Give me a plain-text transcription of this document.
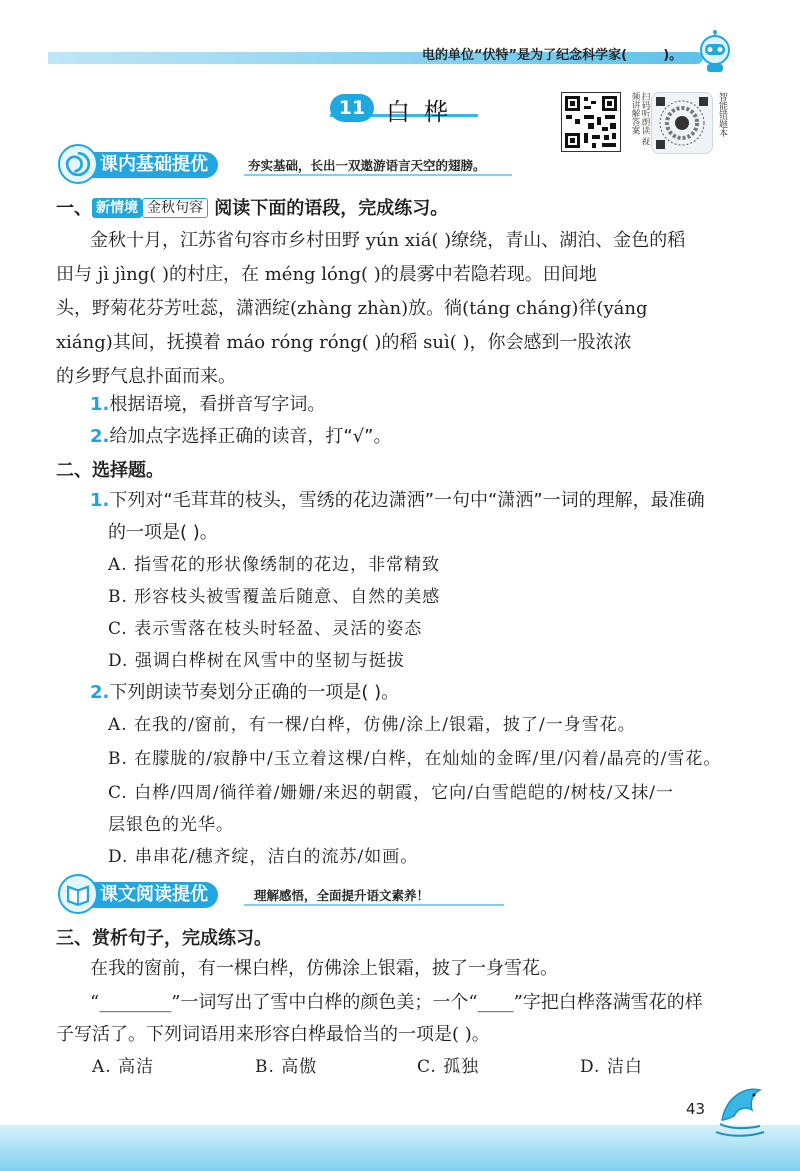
电的单位“伏特”是为了纪念科学家(        )。
11 白桦	扫码听朗读 视频讲解答案	智能错题本
课内基础提优	夯实基础，长出一双遨游语言天空的翅膀。
一、 新情境 金秋句容 阅读下面的语段，完成练习。
金秋十月，江苏省句容市乡村田野 yún xiá( )缭绕，青山、湖泊、金色的稻
田与 jì jìng( )的村庄，在 méng lóng( )的晨雾中若隐若现。田间地
头，野菊花芬芳吐蕊，潇洒绽(zhàng zhàn)放。徜(táng cháng)徉(yáng
xiáng)其间，抚摸着 máo róng róng( )的稻 suì( )，你会感到一股浓浓
的乡野气息扑面而来。
1.根据语境，看拼音写字词。
2.给加点字选择正确的读音，打“√”。
二、选择题。
1.下列对“毛茸茸的枝头，雪绣的花边潇洒”一句中“潇洒”一词的理解，最准确
的一项是( )。
A. 指雪花的形状像绣制的花边，非常精致
B. 形容枝头被雪覆盖后随意、自然的美感
C. 表示雪落在枝头时轻盈、灵活的姿态
D. 强调白桦树在风雪中的坚韧与挺拔
2.下列朗读节奏划分正确的一项是( )。
A. 在我的/窗前，有一棵/白桦，仿佛/涂上/银霜，披了/一身雪花。
B. 在朦胧的/寂静中/玉立着这棵/白桦，在灿灿的金晖/里/闪着/晶亮的/雪花。
C. 白桦/四周/徜徉着/姗姗/来迟的朝霞，它向/白雪皑皑的/树枝/又抹/一
层银色的光华。
D. 串串花/穗齐绽，洁白的流苏/如画。
课文阅读提优	理解感悟，全面提升语文素养！
三、赏析句子，完成练习。
在我的窗前，有一棵白桦，仿佛涂上银霜，披了一身雪花。
“________”一词写出了雪中白桦的颜色美；一个“____”字把白桦落满雪花的样
子写活了。下列词语用来形容白桦最恰当的一项是( )。
A. 高洁	B. 高傲	C. 孤独	D. 洁白
43
